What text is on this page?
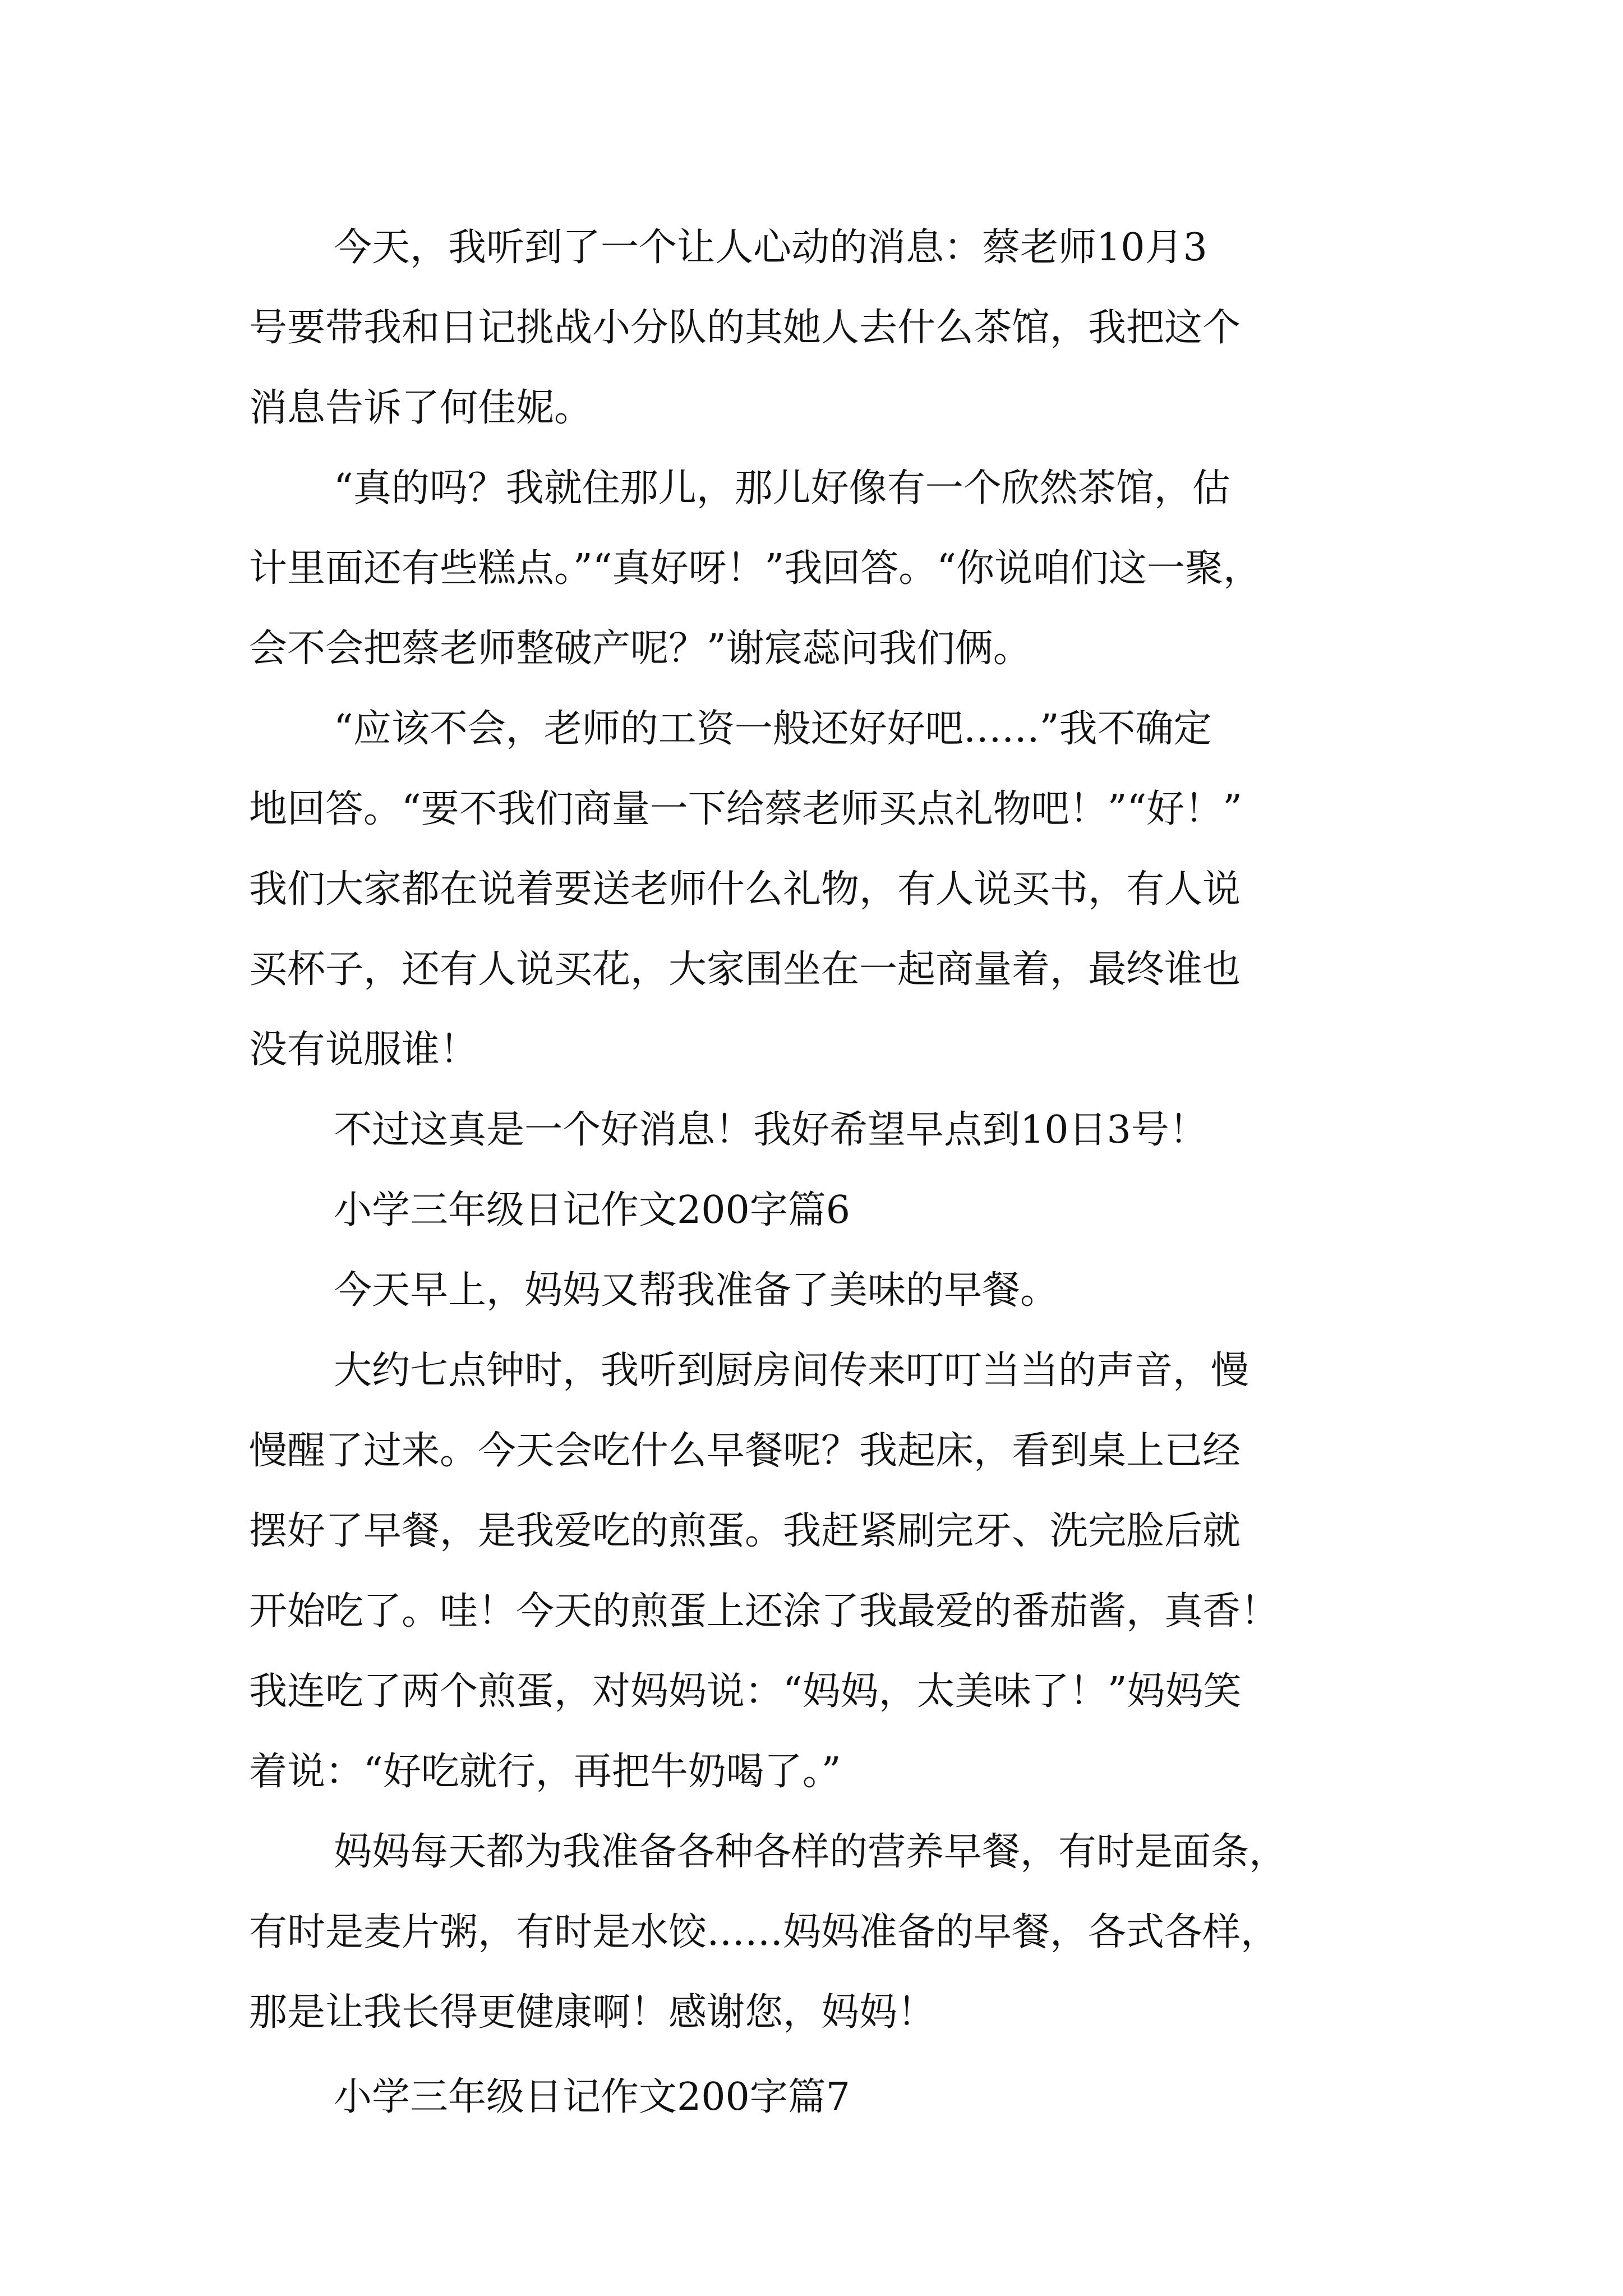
今天，我听到了一个让人心动的消息：蔡老师10月3
号要带我和日记挑战小分队的其她人去什么茶馆，我把这个
消息告诉了何佳妮。
“真的吗？我就住那儿，那儿好像有一个欣然茶馆，估
计里面还有些糕点。”“真好呀！”我回答。“你说咱们这一聚，
会不会把蔡老师整破产呢？”谢宸蕊问我们俩。
“应该不会，老师的工资一般还好好吧……”我不确定
地回答。“要不我们商量一下给蔡老师买点礼物吧！”“好！”
我们大家都在说着要送老师什么礼物，有人说买书，有人说
买杯子，还有人说买花，大家围坐在一起商量着，最终谁也
没有说服谁！
不过这真是一个好消息！我好希望早点到10日3号！
小学三年级日记作文200字篇6
今天早上，妈妈又帮我准备了美味的早餐。
大约七点钟时，我听到厨房间传来叮叮当当的声音，慢
慢醒了过来。今天会吃什么早餐呢？我起床，看到桌上已经
摆好了早餐，是我爱吃的煎蛋。我赶紧刷完牙、洗完脸后就
开始吃了。哇！今天的煎蛋上还涂了我最爱的番茄酱，真香！
我连吃了两个煎蛋，对妈妈说：“妈妈，太美味了！”妈妈笑
着说：“好吃就行，再把牛奶喝了。”
妈妈每天都为我准备各种各样的营养早餐，有时是面条，
有时是麦片粥，有时是水饺……妈妈准备的早餐，各式各样，
那是让我长得更健康啊！感谢您，妈妈！
小学三年级日记作文200字篇7
